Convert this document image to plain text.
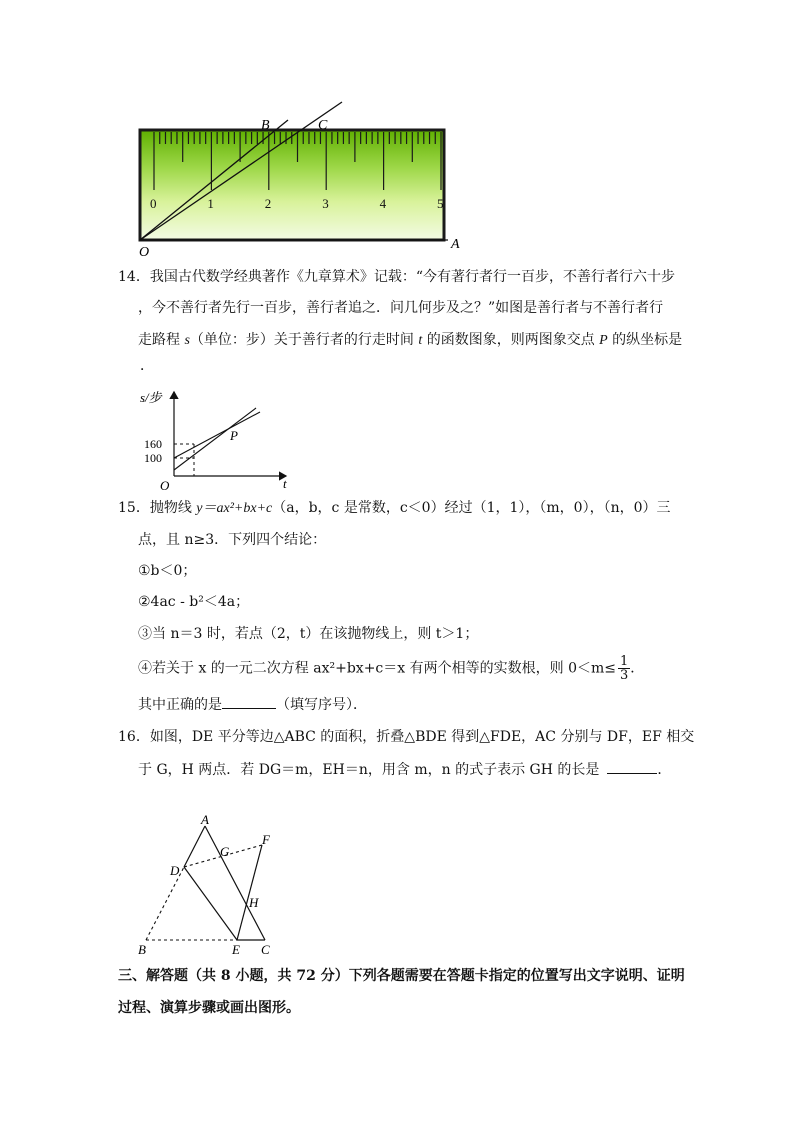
0	1	2	3	4	5
B	C
O
A
14．我国古代数学经典著作《九章算术》记载：“今有著行者行一百步，不善行者行六十步
，今不善行者先行一百步，善行者追之．问几何步及之？”如图是善行者与不善行者行
走路程 s（单位：步）关于善行者的行走时间 t 的函数图象，则两图象交点 P 的纵坐标是
．
s/步
t
O
P
160
100
15．抛物线 y＝ax²+bx+c（a，b，c 是常数，c＜0）经过（1，1），（m，0），（n，0）三
点，且 n≥3．下列四个结论：
①b＜0；
②4ac - b²＜4a；
③当 n＝3 时，若点（2，t）在该抛物线上，则 t＞1；
④若关于 x 的一元二次方程 ax²+bx+c＝x 有两个相等的实数根，则 $0<m\le \frac{1}{3}$ ．
其中正确的是	（填写序号）．
16．如图，DE 平分等边△ABC 的面积，折叠△BDE 得到△FDE，AC 分别与 DF，EF 相交
于 G，H 两点．若 DG＝m，EH＝n，用含 m，n 的式子表示 GH 的长是	．
A
F
G
D
H
B	E C
三、解答题（共 8 小题，共 72 分）下列各题需要在答题卡指定的位置写出文字说明、证明
过程、演算步骤或画出图形。
